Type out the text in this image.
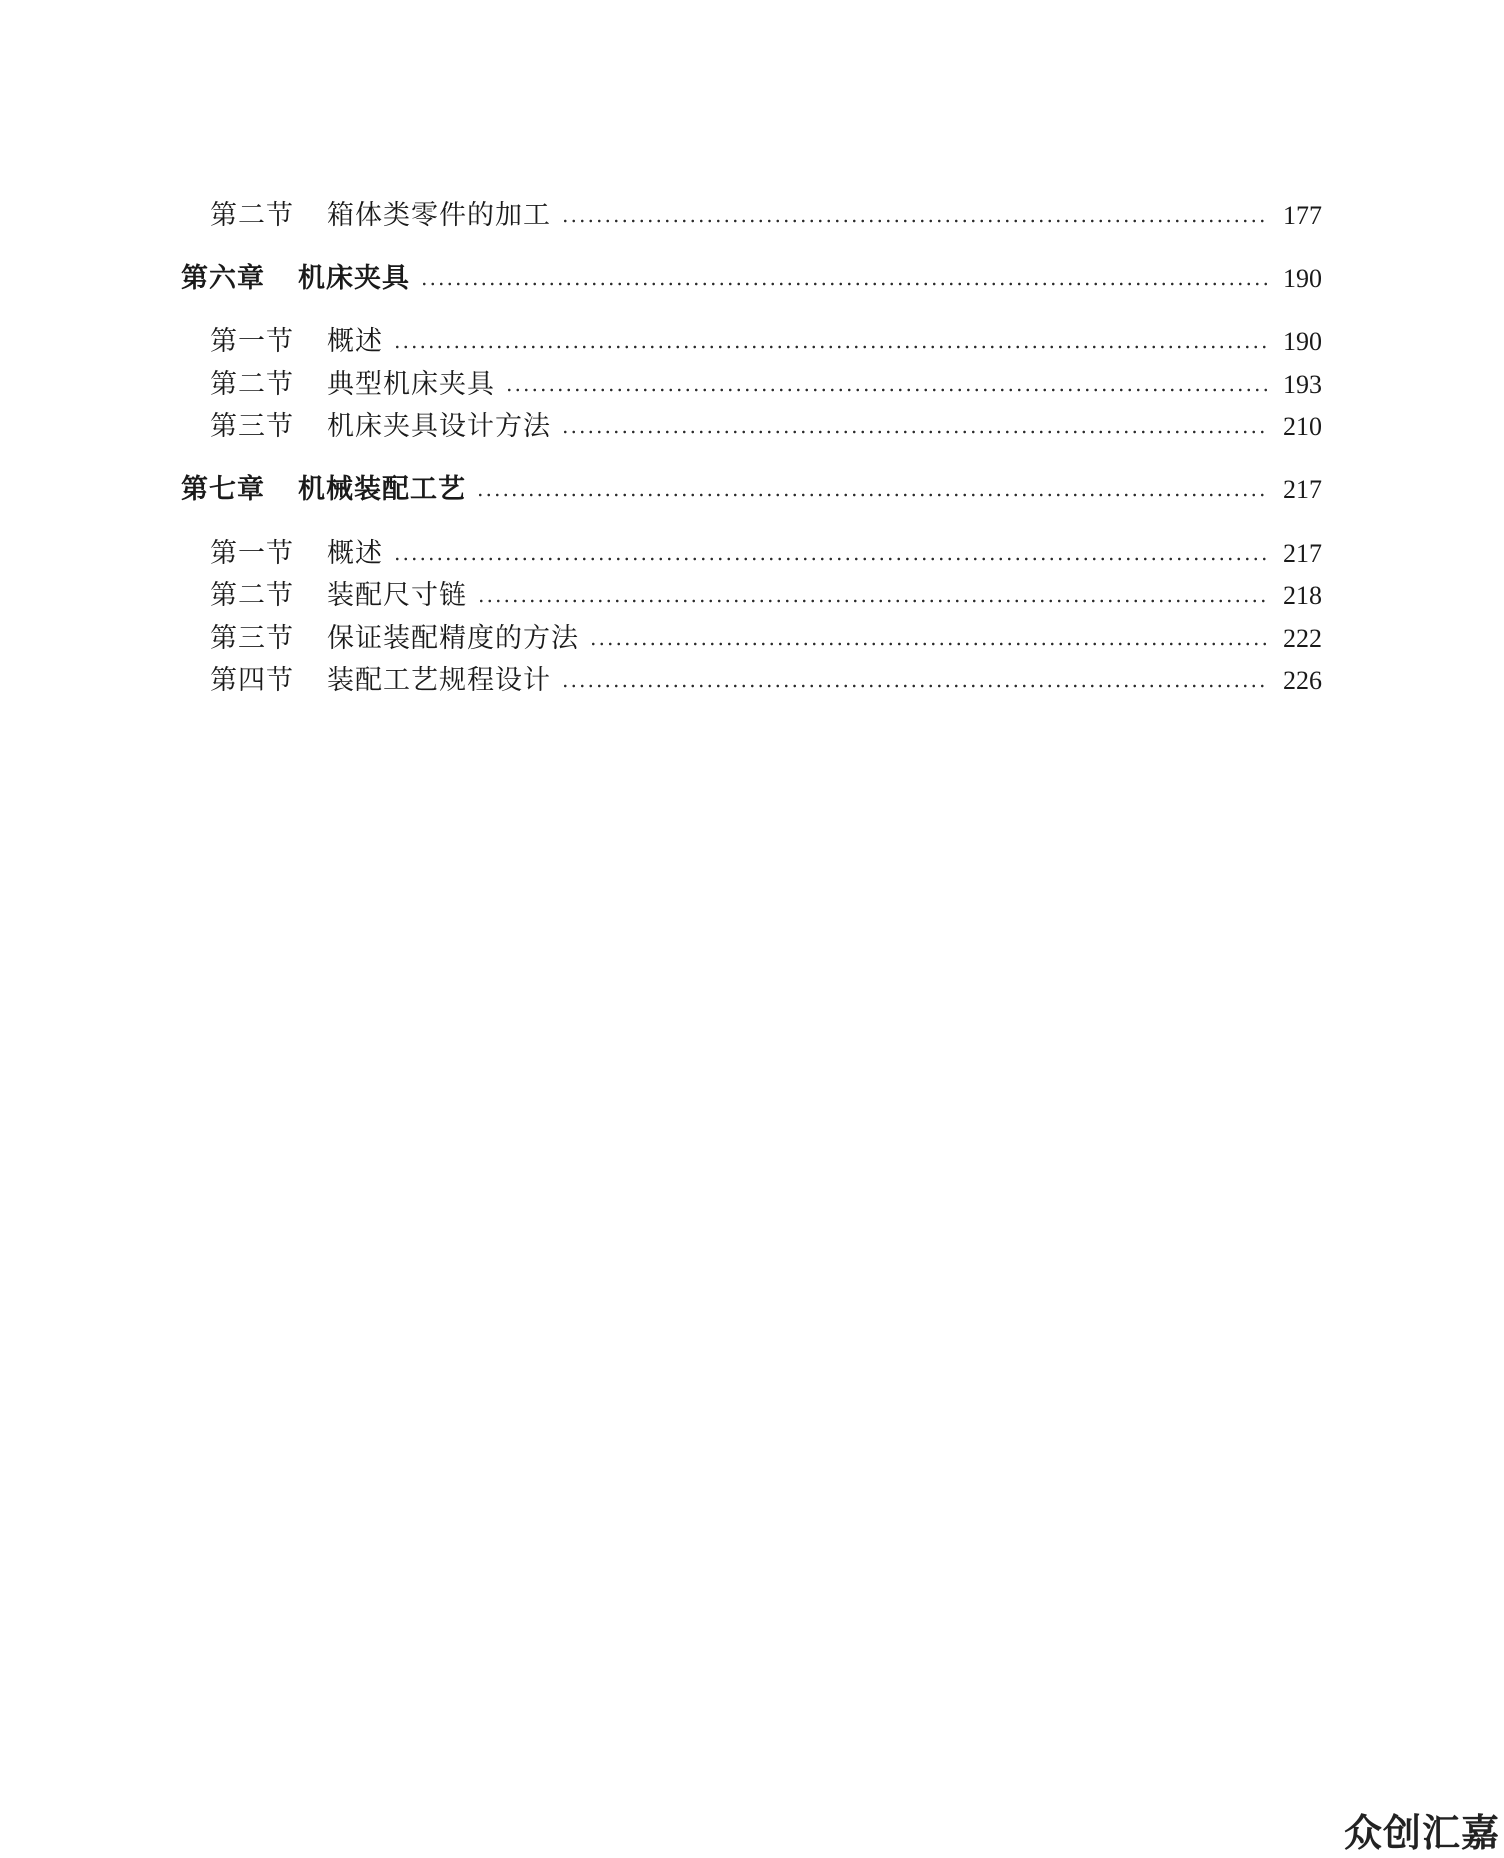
第二节	箱体类零件的加工	177
第六章	机床夹具	190
第一节	概述	190
第二节	典型机床夹具	193
第三节	机床夹具设计方法	210
第七章	机械装配工艺	217
第一节	概述	217
第二节	装配尺寸链	218
第三节	保证装配精度的方法	222
第四节	装配工艺规程设计	226
众创汇嘉
